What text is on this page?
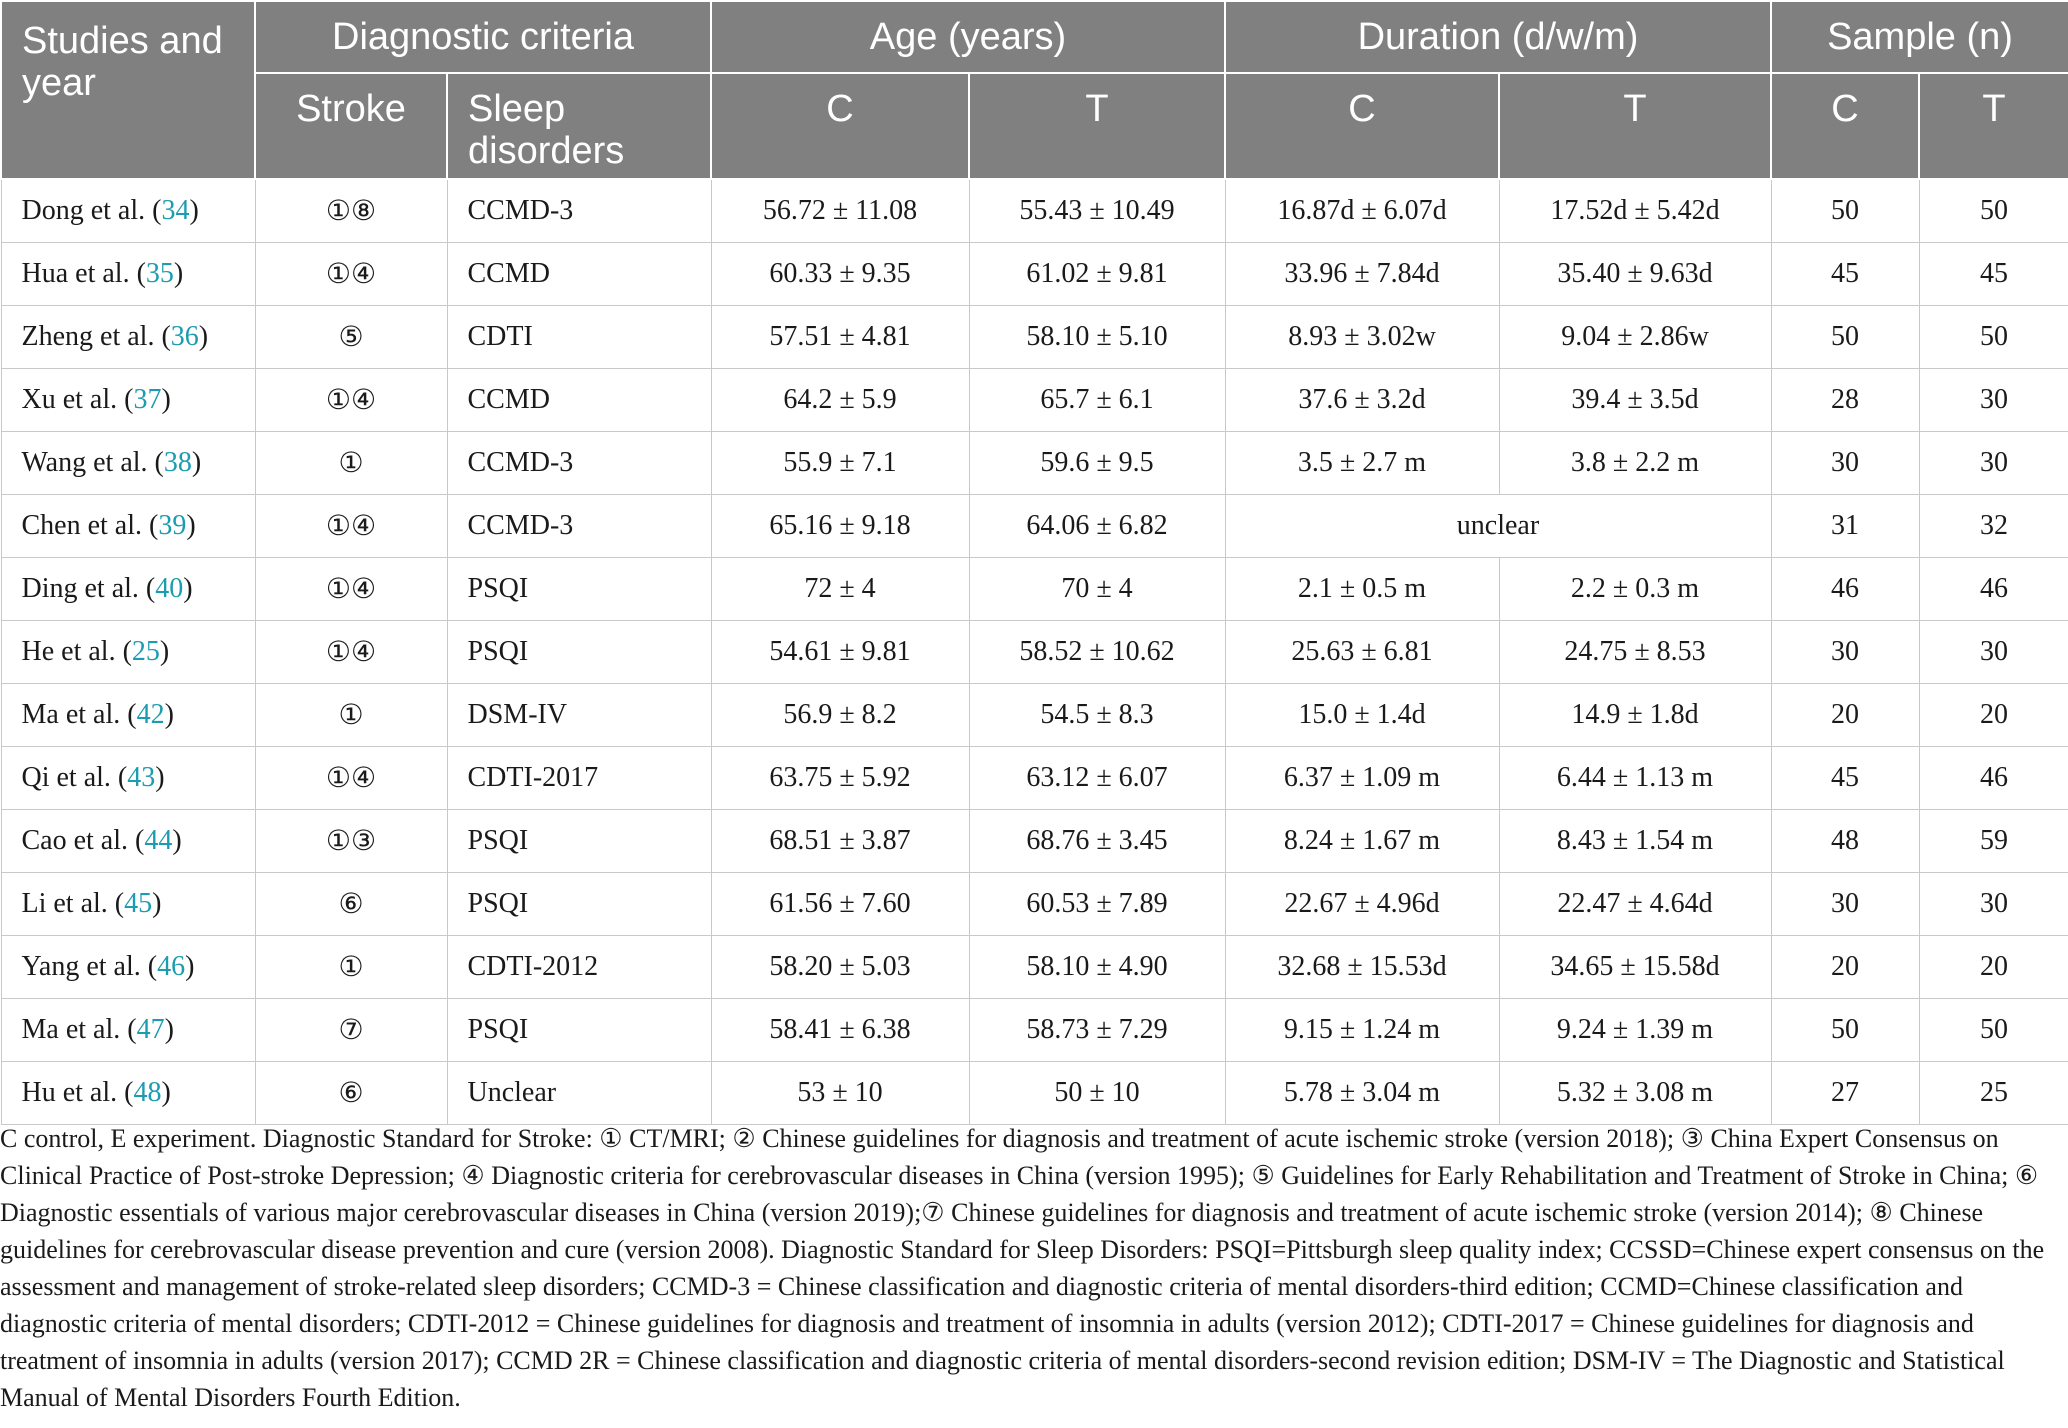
Studies and year	Diagnostic criteria		Age (years)		Duration (d/w/m)		Sample (n)	
	Stroke	Sleep disorders	C	T	C	T	C	T
Dong et al. (34)	①⑧	CCMD-3	56.72 ± 11.08	55.43 ± 10.49	16.87d ± 6.07d	17.52d ± 5.42d	50	50
Hua et al. (35)	①④	CCMD	60.33 ± 9.35	61.02 ± 9.81	33.96 ± 7.84d	35.40 ± 9.63d	45	45
Zheng et al. (36)	⑤	CDTI	57.51 ± 4.81	58.10 ± 5.10	8.93 ± 3.02w	9.04 ± 2.86w	50	50
Xu et al. (37)	①④	CCMD	64.2 ± 5.9	65.7 ± 6.1	37.6 ± 3.2d	39.4 ± 3.5d	28	30
Wang et al. (38)	①	CCMD-3	55.9 ± 7.1	59.6 ± 9.5	3.5 ± 2.7 m	3.8 ± 2.2 m	30	30
Chen et al. (39)	①④	CCMD-3	65.16 ± 9.18	64.06 ± 6.82	unclear		31	32
Ding et al. (40)	①④	PSQI	72 ± 4	70 ± 4	2.1 ± 0.5 m	2.2 ± 0.3 m	46	46
He et al. (25)	①④	PSQI	54.61 ± 9.81	58.52 ± 10.62	25.63 ± 6.81	24.75 ± 8.53	30	30
Ma et al. (42)	①	DSM-IV	56.9 ± 8.2	54.5 ± 8.3	15.0 ± 1.4d	14.9 ± 1.8d	20	20
Qi et al. (43)	①④	CDTI-2017	63.75 ± 5.92	63.12 ± 6.07	6.37 ± 1.09 m	6.44 ± 1.13 m	45	46
Cao et al. (44)	①③	PSQI	68.51 ± 3.87	68.76 ± 3.45	8.24 ± 1.67 m	8.43 ± 1.54 m	48	59
Li et al. (45)	⑥	PSQI	61.56 ± 7.60	60.53 ± 7.89	22.67 ± 4.96d	22.47 ± 4.64d	30	30
Yang et al. (46)	①	CDTI-2012	58.20 ± 5.03	58.10 ± 4.90	32.68 ± 15.53d	34.65 ± 15.58d	20	20
Ma et al. (47)	⑦	PSQI	58.41 ± 6.38	58.73 ± 7.29	9.15 ± 1.24 m	9.24 ± 1.39 m	50	50
Hu et al. (48)	⑥	Unclear	53 ± 10	50 ± 10	5.78 ± 3.04 m	5.32 ± 3.08 m	27	25
C control, E experiment. Diagnostic Standard for Stroke: ① CT/MRI; ② Chinese guidelines for diagnosis and treatment of acute ischemic stroke (version 2018); ③ China Expert Consensus on Clinical Practice of Post-stroke Depression; ④ Diagnostic criteria for cerebrovascular diseases in China (version 1995); ⑤ Guidelines for Early Rehabilitation and Treatment of Stroke in China; ⑥ Diagnostic essentials of various major cerebrovascular diseases in China (version 2019);⑦ Chinese guidelines for diagnosis and treatment of acute ischemic stroke (version 2014); ⑧ Chinese guidelines for cerebrovascular disease prevention and cure (version 2008). Diagnostic Standard for Sleep Disorders: PSQI=Pittsburgh sleep quality index; CCSSD=Chinese expert consensus on the assessment and management of stroke-related sleep disorders; CCMD-3 = Chinese classification and diagnostic criteria of mental disorders-third edition; CCMD=Chinese classification and diagnostic criteria of mental disorders; CDTI-2012 = Chinese guidelines for diagnosis and treatment of insomnia in adults (version 2012); CDTI-2017 = Chinese guidelines for diagnosis and treatment of insomnia in adults (version 2017); CCMD 2R = Chinese classification and diagnostic criteria of mental disorders-second revision edition; DSM-IV = The Diagnostic and Statistical Manual of Mental Disorders Fourth Edition.
